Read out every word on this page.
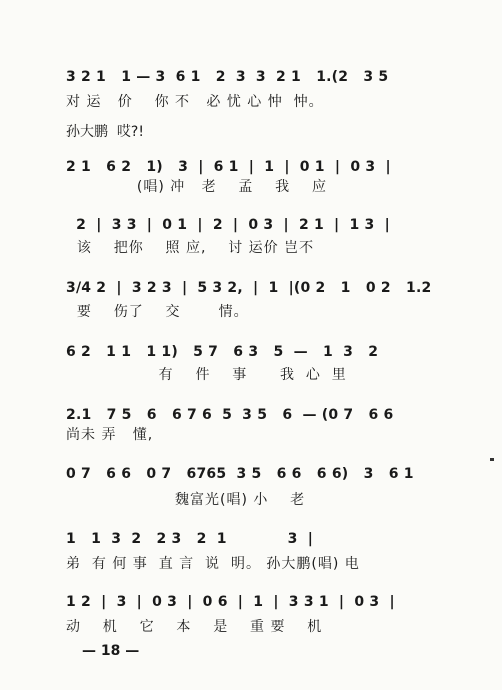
3 2 1   1 — 3  6 1   2  3  3  2 1   1.(2   3 5
对 运   价    你 不   必 忧 心 忡  忡。
孙大鹏  哎?!
2 1   6 2   1)   3  |  6 1  |  1  |  0 1  |  0 3  |
(唱) 冲   老    孟    我    应
2  |  3 3  |  0 1  |  2  |  0 3  |  2 1  |  1 3  |
该    把你    照 应,    讨 运价 岂不
3/4 2  |  3 2 3  |  5 3 2,  |  1  |(0 2   1   0 2   1.2
要    伤了    交       情。
6 2   1 1   1 1)   5 7   6 3   5  —   1  3   2
有    件    事      我  心  里
2.1   7 5   6   6 7 6  5  3 5   6  — (0 7   6 6
尚未 弄   懂,
0 7   6 6   0 7   6765  3 5   6 6   6 6)   3   6 1
魏富光(唱) 小    老
1   1  3  2   2 3   2  1            3  |
弟  有 何 事  直 言  说  明。 孙大鹏(唱) 电
1 2  |  3  |  0 3  |  0 6  |  1  |  3 3 1  |  0 3  |
动    机    它    本    是    重 要    机
— 18 —
